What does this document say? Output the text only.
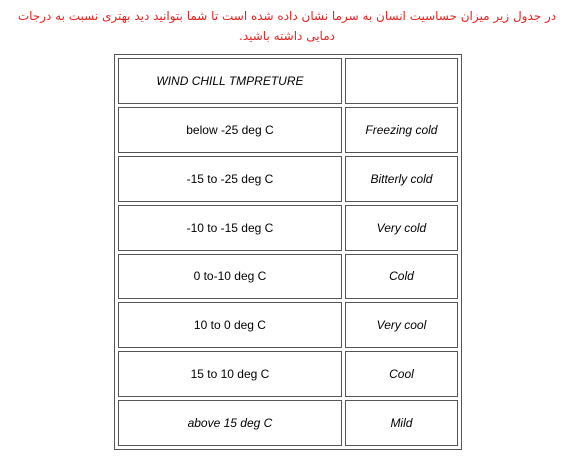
در جدول زیر میزان حساسیت انسان به سرما نشان داده شده است تا شما بتوانید دید بهتری نسبت به درجات
دمایی داشته باشید.
WIND CHILL TMPRETURE	
below -25 deg C	Freezing cold
-15 to -25 deg C	Bitterly cold
-10 to -15 deg C	Very cold
0 to-10 deg C	Cold
10 to 0 deg C	Very cool
15 to 10 deg C	Cool
above 15 deg C	Mild
